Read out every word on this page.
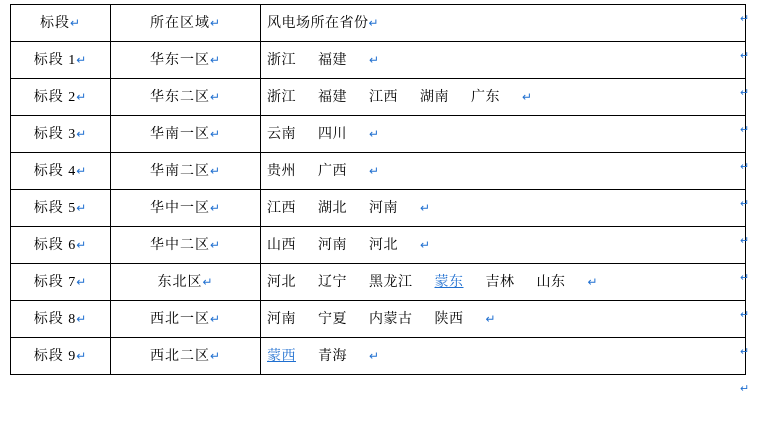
标段↵	所在区域↵	风电场所在省份↵
标段 1↵	华东一区↵	浙江 福建 ↵
标段 2↵	华东二区↵	浙江 福建 江西 湖南 广东 ↵
标段 3↵	华南一区↵	云南 四川 ↵
标段 4↵	华南二区↵	贵州 广西 ↵
标段 5↵	华中一区↵	江西 湖北 河南 ↵
标段 6↵	华中二区↵	山西 河南 河北 ↵
标段 7↵	东北区↵	河北 辽宁 黑龙江 蒙东 吉林 山东 ↵
标段 8↵	西北一区↵	河南 宁夏 内蒙古 陕西 ↵
标段 9↵	西北二区↵	蒙西 青海 ↵
↵
↵
↵
↵
↵
↵
↵
↵
↵
↵
↵
